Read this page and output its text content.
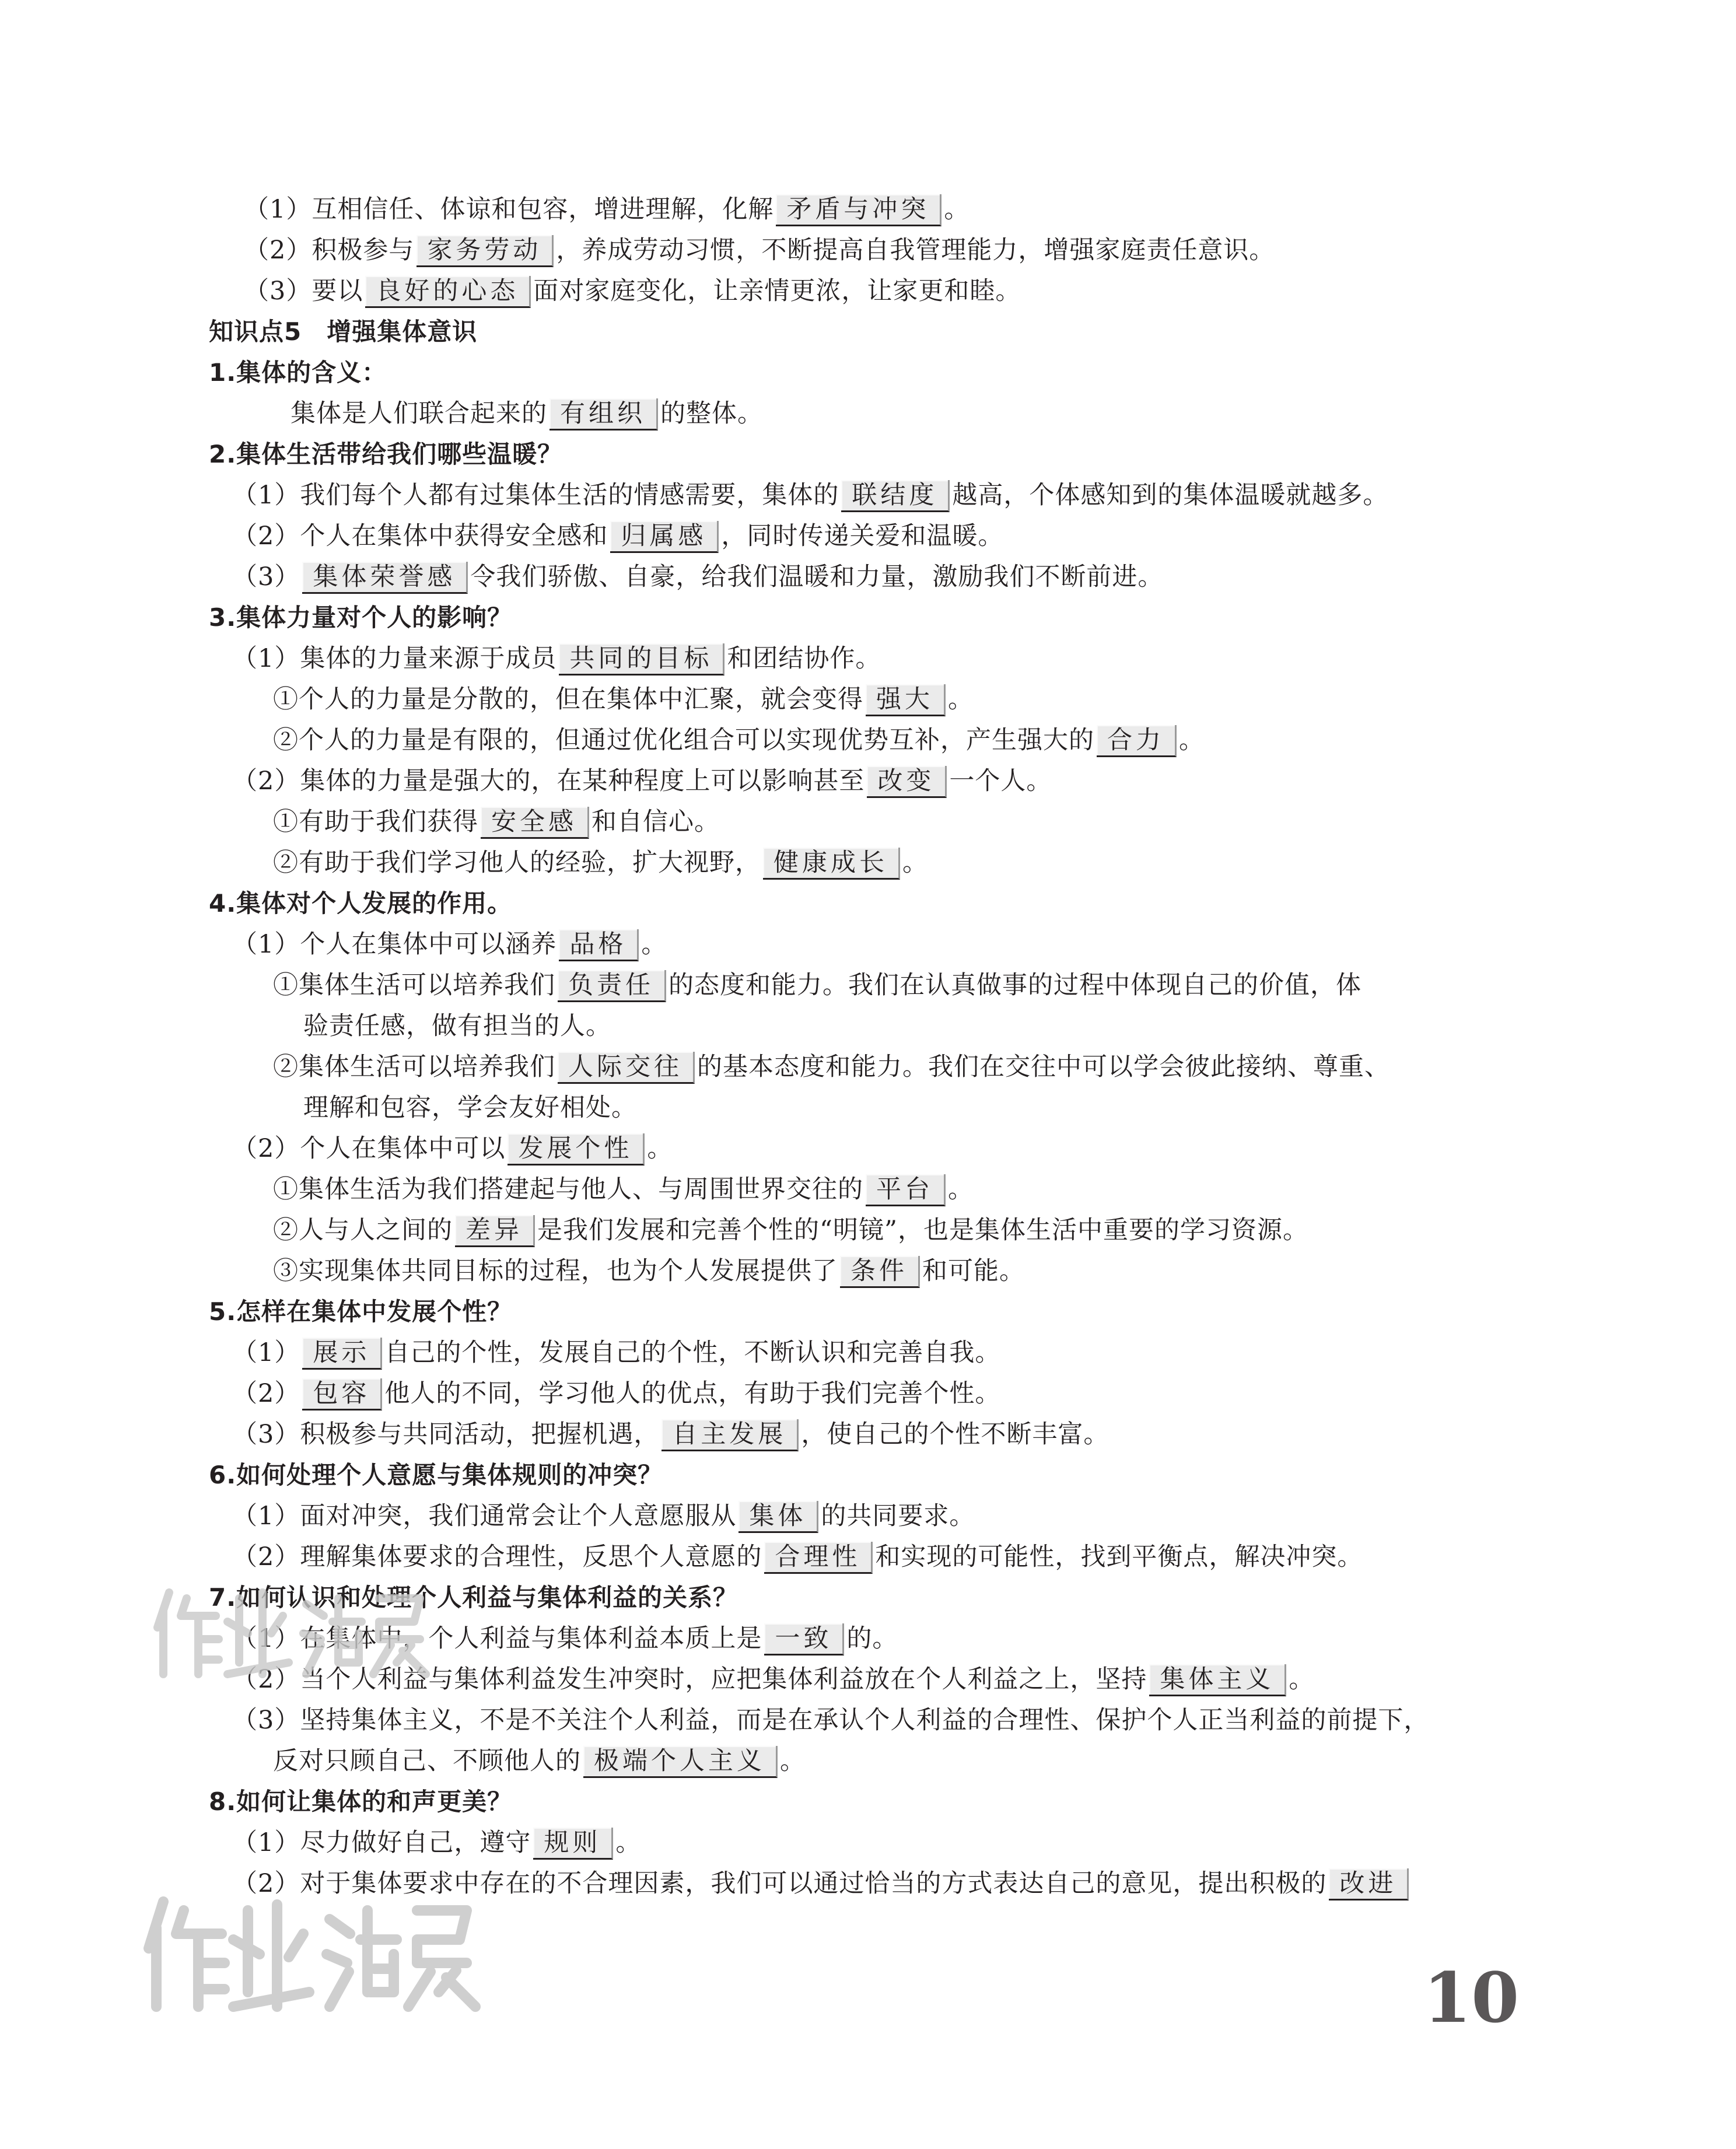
（1）互相信任、体谅和包容，增进理解，化解 矛盾与冲突 。
（2）积极参与 家务劳动 ，养成劳动习惯，不断提高自我管理能力，增强家庭责任意识。
（3）要以 良好的心态 面对家庭变化，让亲情更浓，让家更和睦。
知识点5　增强集体意识
1.集体的含义：
集体是人们联合起来的 有组织 的整体。
2.集体生活带给我们哪些温暖？
（1）我们每个人都有过集体生活的情感需要，集体的 联结度 越高，个体感知到的集体温暖就越多。
（2）个人在集体中获得安全感和 归属感 ，同时传递关爱和温暖。
（3） 集体荣誉感 令我们骄傲、自豪，给我们温暖和力量，激励我们不断前进。
3.集体力量对个人的影响？
（1）集体的力量来源于成员 共同的目标 和团结协作。
①个人的力量是分散的，但在集体中汇聚，就会变得 强大 。
②个人的力量是有限的，但通过优化组合可以实现优势互补，产生强大的 合力 。
（2）集体的力量是强大的，在某种程度上可以影响甚至 改变 一个人。
①有助于我们获得 安全感 和自信心。
②有助于我们学习他人的经验，扩大视野， 健康成长 。
4.集体对个人发展的作用。
（1）个人在集体中可以涵养 品格 。
①集体生活可以培养我们 负责任 的态度和能力。我们在认真做事的过程中体现自己的价值，体
验责任感，做有担当的人。
②集体生活可以培养我们 人际交往 的基本态度和能力。我们在交往中可以学会彼此接纳、尊重、
理解和包容，学会友好相处。
（2）个人在集体中可以 发展个性 。
①集体生活为我们搭建起与他人、与周围世界交往的 平台 。
②人与人之间的 差异 是我们发展和完善个性的“明镜”，也是集体生活中重要的学习资源。
③实现集体共同目标的过程，也为个人发展提供了 条件 和可能。
5.怎样在集体中发展个性？
（1） 展示 自己的个性，发展自己的个性，不断认识和完善自我。
（2） 包容 他人的不同，学习他人的优点，有助于我们完善个性。
（3）积极参与共同活动，把握机遇， 自主发展 ，使自己的个性不断丰富。
6.如何处理个人意愿与集体规则的冲突？
（1）面对冲突，我们通常会让个人意愿服从 集体 的共同要求。
（2）理解集体要求的合理性，反思个人意愿的 合理性 和实现的可能性，找到平衡点，解决冲突。
7.如何认识和处理个人利益与集体利益的关系？
（1）在集体中，个人利益与集体利益本质上是 一致 的。
（2）当个人利益与集体利益发生冲突时，应把集体利益放在个人利益之上，坚持 集体主义 。
（3）坚持集体主义，不是不关注个人利益，而是在承认个人利益的合理性、保护个人正当利益的前提下，
反对只顾自己、不顾他人的 极端个人主义 。
8.如何让集体的和声更美？
（1）尽力做好自己，遵守 规则 。
（2）对于集体要求中存在的不合理因素，我们可以通过恰当的方式表达自己的意见，提出积极的 改进
10
